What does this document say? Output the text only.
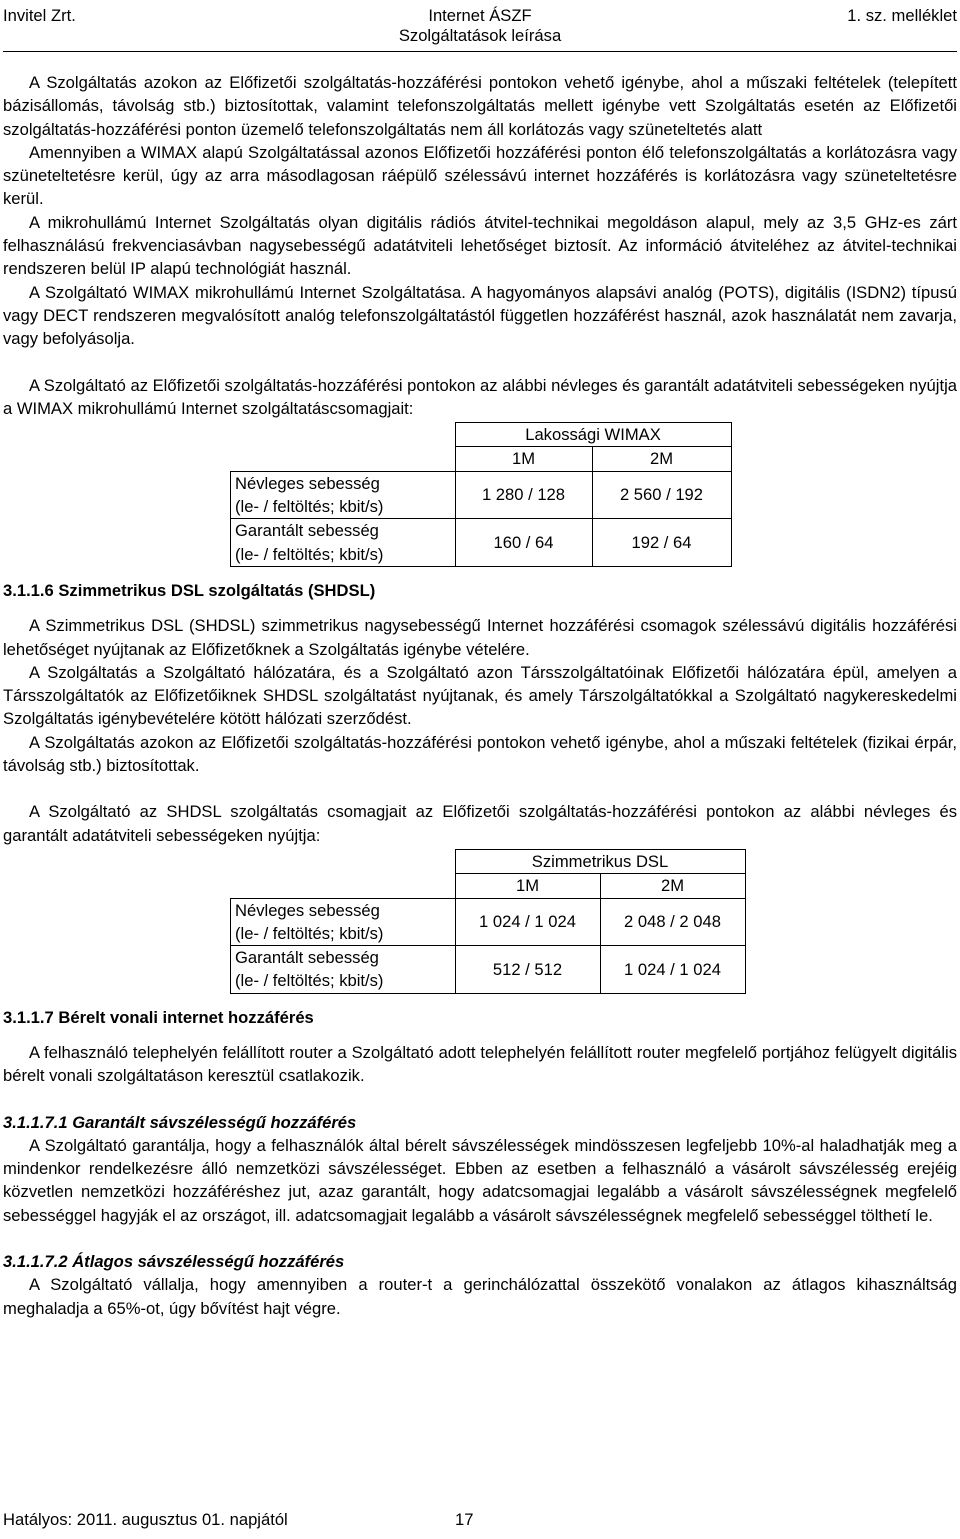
Invitel Zrt.	Internet ÁSZF
Szolgáltatások leírása
1. sz. melléklet

A Szolgáltatás azokon az Előfizetői szolgáltatás-hozzáférési pontokon vehető igénybe, ahol a műszaki feltételek (telepített bázisállomás, távolság stb.) biztosítottak, valamint telefonszolgáltatás mellett igénybe vett Szolgáltatás esetén az Előfizetői szolgáltatás-hozzáférési ponton üzemelő telefonszolgáltatás nem áll korlátozás vagy szüneteltetés alatt

Amennyiben a WIMAX alapú Szolgáltatással azonos Előfizetői hozzáférési ponton élő telefonszolgáltatás a korlátozásra vagy szüneteltetésre kerül, úgy az arra másodlagosan ráépülő szélessávú internet hozzáférés is korlátozásra vagy szüneteltetésre kerül.

A mikrohullámú Internet Szolgáltatás olyan digitális rádiós átvitel-technikai megoldáson alapul, mely az 3,5 GHz-es zárt felhasználású frekvenciasávban nagysebességű adatátviteli lehetőséget biztosít. Az információ átviteléhez az átvitel-technikai rendszeren belül IP alapú technológiát használ.

A Szolgáltató WIMAX mikrohullámú Internet Szolgáltatása. A hagyományos alapsávi analóg (POTS), digitális (ISDN2) típusú vagy DECT rendszeren megvalósított analóg telefonszolgáltatástól független hozzáférést használ, azok használatát nem zavarja, vagy befolyásolja.

A Szolgáltató az Előfizetői szolgáltatás-hozzáférési pontokon az alábbi névleges és garantált adatátviteli sebességeken nyújtja a WIMAX mikrohullámú Internet szolgáltatáscsomagjait:

	Lakossági WIMAX	
	1M	2M

Névleges sebesség
(le- / feltöltés; kbit/s)	1 280 / 128	2 560 / 192

Garantált sebesség
(le- / feltöltés; kbit/s)	160 / 64	192 / 64

3.1.1.6 Szimmetrikus DSL szolgáltatás (SHDSL)

A Szimmetrikus DSL (SHDSL) szimmetrikus nagysebességű Internet hozzáférési csomagok szélessávú digitális hozzáférési lehetőséget nyújtanak az Előfizetőknek a Szolgáltatás igénybe vételére.

A Szolgáltatás a Szolgáltató hálózatára, és a Szolgáltató azon Társszolgáltatóinak Előfizetői hálózatára épül, amelyen a Társszolgáltatók az Előfizetőiknek SHDSL szolgáltatást nyújtanak, és amely Társzolgáltatókkal a Szolgáltató nagykereskedelmi Szolgáltatás igénybevételére kötött hálózati szerződést.

A Szolgáltatás azokon az Előfizetői szolgáltatás-hozzáférési pontokon vehető igénybe, ahol a műszaki feltételek (fizikai érpár, távolság stb.) biztosítottak.

A Szolgáltató az SHDSL szolgáltatás csomagjait az Előfizetői szolgáltatás-hozzáférési pontokon az alábbi névleges és garantált adatátviteli sebességeken nyújtja:

	Szimmetrikus DSL	
	1M	2M

Névleges sebesség
(le- / feltöltés; kbit/s)	1 024 / 1 024	2 048 / 2 048

Garantált sebesség
(le- / feltöltés; kbit/s)	512 / 512	1 024 / 1 024

3.1.1.7 Bérelt vonali internet hozzáférés

A felhasználó telephelyén felállított router a Szolgáltató adott telephelyén felállított router megfelelő portjához felügyelt digitális bérelt vonali szolgáltatáson keresztül csatlakozik.

3.1.1.7.1 Garantált sávszélességű hozzáférés

A Szolgáltató garantálja, hogy a felhasználók által bérelt sávszélességek mindösszesen legfeljebb 10%-al haladhatják meg a mindenkor rendelkezésre álló nemzetközi sávszélességet. Ebben az esetben a felhasználó a vásárolt sávszélesség erejéig közvetlen nemzetközi hozzáféréshez jut, azaz garantált, hogy adatcsomagjai legalább a vásárolt sávszélességnek megfelelő sebességgel hagyják el az országot, ill. adatcsomagjait legalább a vásárolt sávszélességnek megfelelő sebességgel tölthetí le.

3.1.1.7.2 Átlagos sávszélességű hozzáférés

A Szolgáltató vállalja, hogy amennyiben a router-t a gerinchálózattal összekötő vonalakon az átlagos kihasználtság meghaladja a 65%-ot, úgy bővítést hajt végre.

Hatályos: 2011. augusztus 01. napjától	17
